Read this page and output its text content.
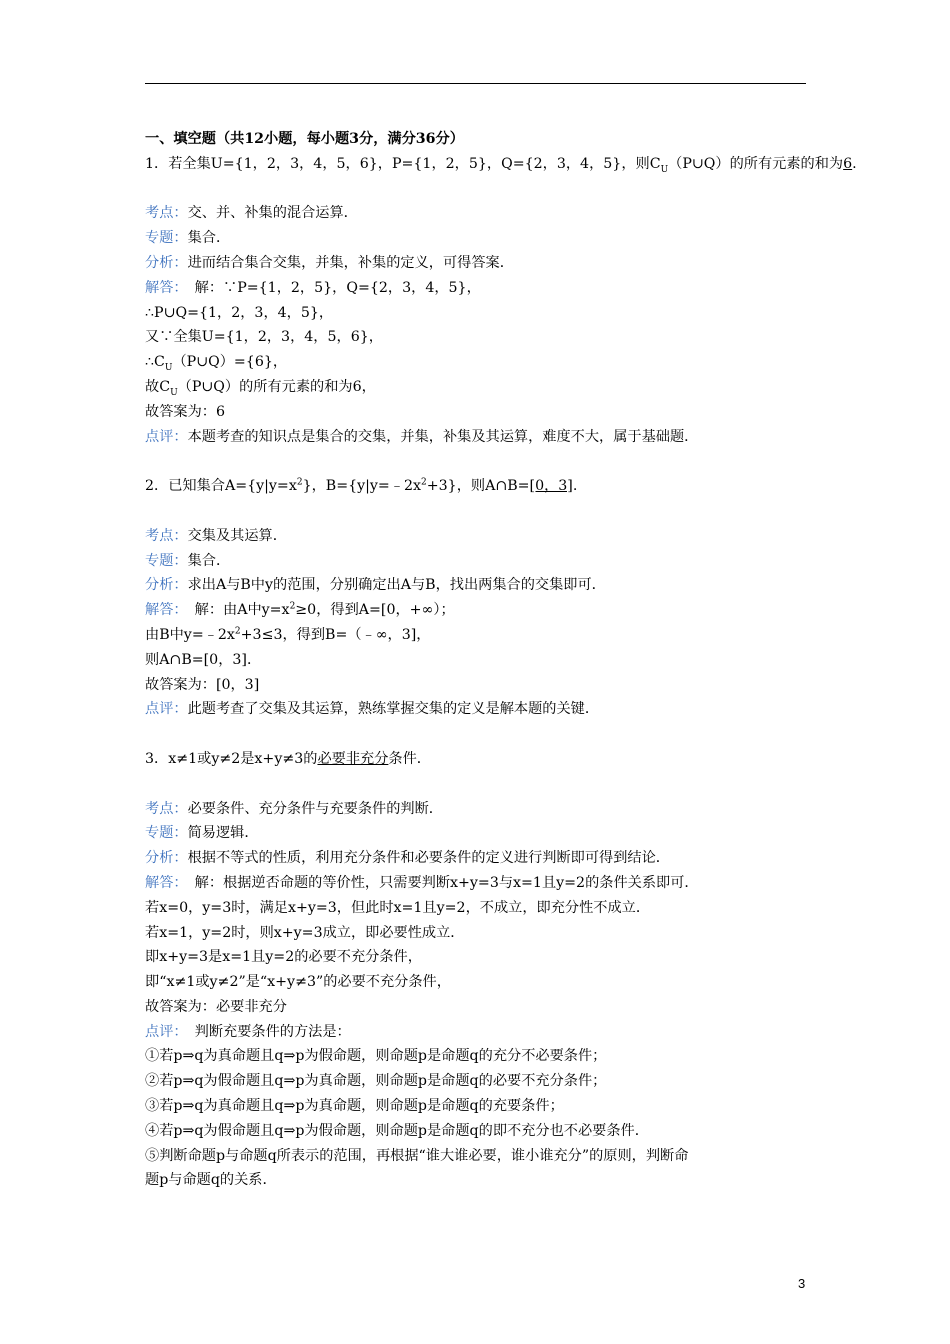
一、填空题（共12小题，每小题3分，满分36分）
1．若全集U={1，2，3，4，5，6}，P={1，2，5}，Q={2，3，4，5}，则$C_U(P\cup Q)$的所有元素的和为6.
考点：交、并、补集的混合运算．
专题：集合．
分析：进而结合集合交集，并集，补集的定义，可得答案．
解答：　解：∵P={1，2，5}，Q={2，3，4，5}，
∴P∪Q={1，2，3，4，5}，
又∵全集U={1，2，3，4，5，6}，
$\therefore C_U(P\cup Q)=\{6\}$，
故$C_U(P\cup Q)$的所有元素的和为6，
故答案为：6
点评：本题考查的知识点是集合的交集，并集，补集及其运算，难度不大，属于基础题．
2．已知集合$A=\{y|y=x^2\}$，$B=\{y|y=﹣2x^2+3\}$，则A∩B=[0，3].
考点：交集及其运算．
专题：集合．
分析：求出A与B中y的范围，分别确定出A与B，找出两集合的交集即可．
解答：　解：由A中$y=x^2\ge 0$，得到A=[0，+∞）；
由B中$y=﹣2x^2+3\le 3$，得到B=（﹣∞，3]，
则A∩B=[0，3]．
故答案为：[0，3]
点评：此题考查了交集及其运算，熟练掌握交集的定义是解本题的关键．
3．x≠1或y≠2是x+y≠3的必要非充分条件．
考点：必要条件、充分条件与充要条件的判断．
专题：简易逻辑．
分析：根据不等式的性质，利用充分条件和必要条件的定义进行判断即可得到结论．
解答：　解：根据逆否命题的等价性，只需要判断x+y=3与x=1且y=2的条件关系即可．
若x=0，y=3时，满足x+y=3，但此时x=1且y=2，不成立，即充分性不成立．
若x=1，y=2时，则x+y=3成立，即必要性成立．
即x+y=3是x=1且y=2的必要不充分条件，
即“x≠1或y≠2”是“x+y≠3”的必要不充分条件，
故答案为：必要非充分
点评：　判断充要条件的方法是：
①若p⇒q为真命题且q⇒p为假命题，则命题p是命题q的充分不必要条件；
②若p⇒q为假命题且q⇒p为真命题，则命题p是命题q的必要不充分条件；
③若p⇒q为真命题且q⇒p为真命题，则命题p是命题q的充要条件；
④若p⇒q为假命题且q⇒p为假命题，则命题p是命题q的即不充分也不必要条件．
⑤判断命题p与命题q所表示的范围，再根据“谁大谁必要，谁小谁充分”的原则，判断命
题p与命题q的关系．
3
